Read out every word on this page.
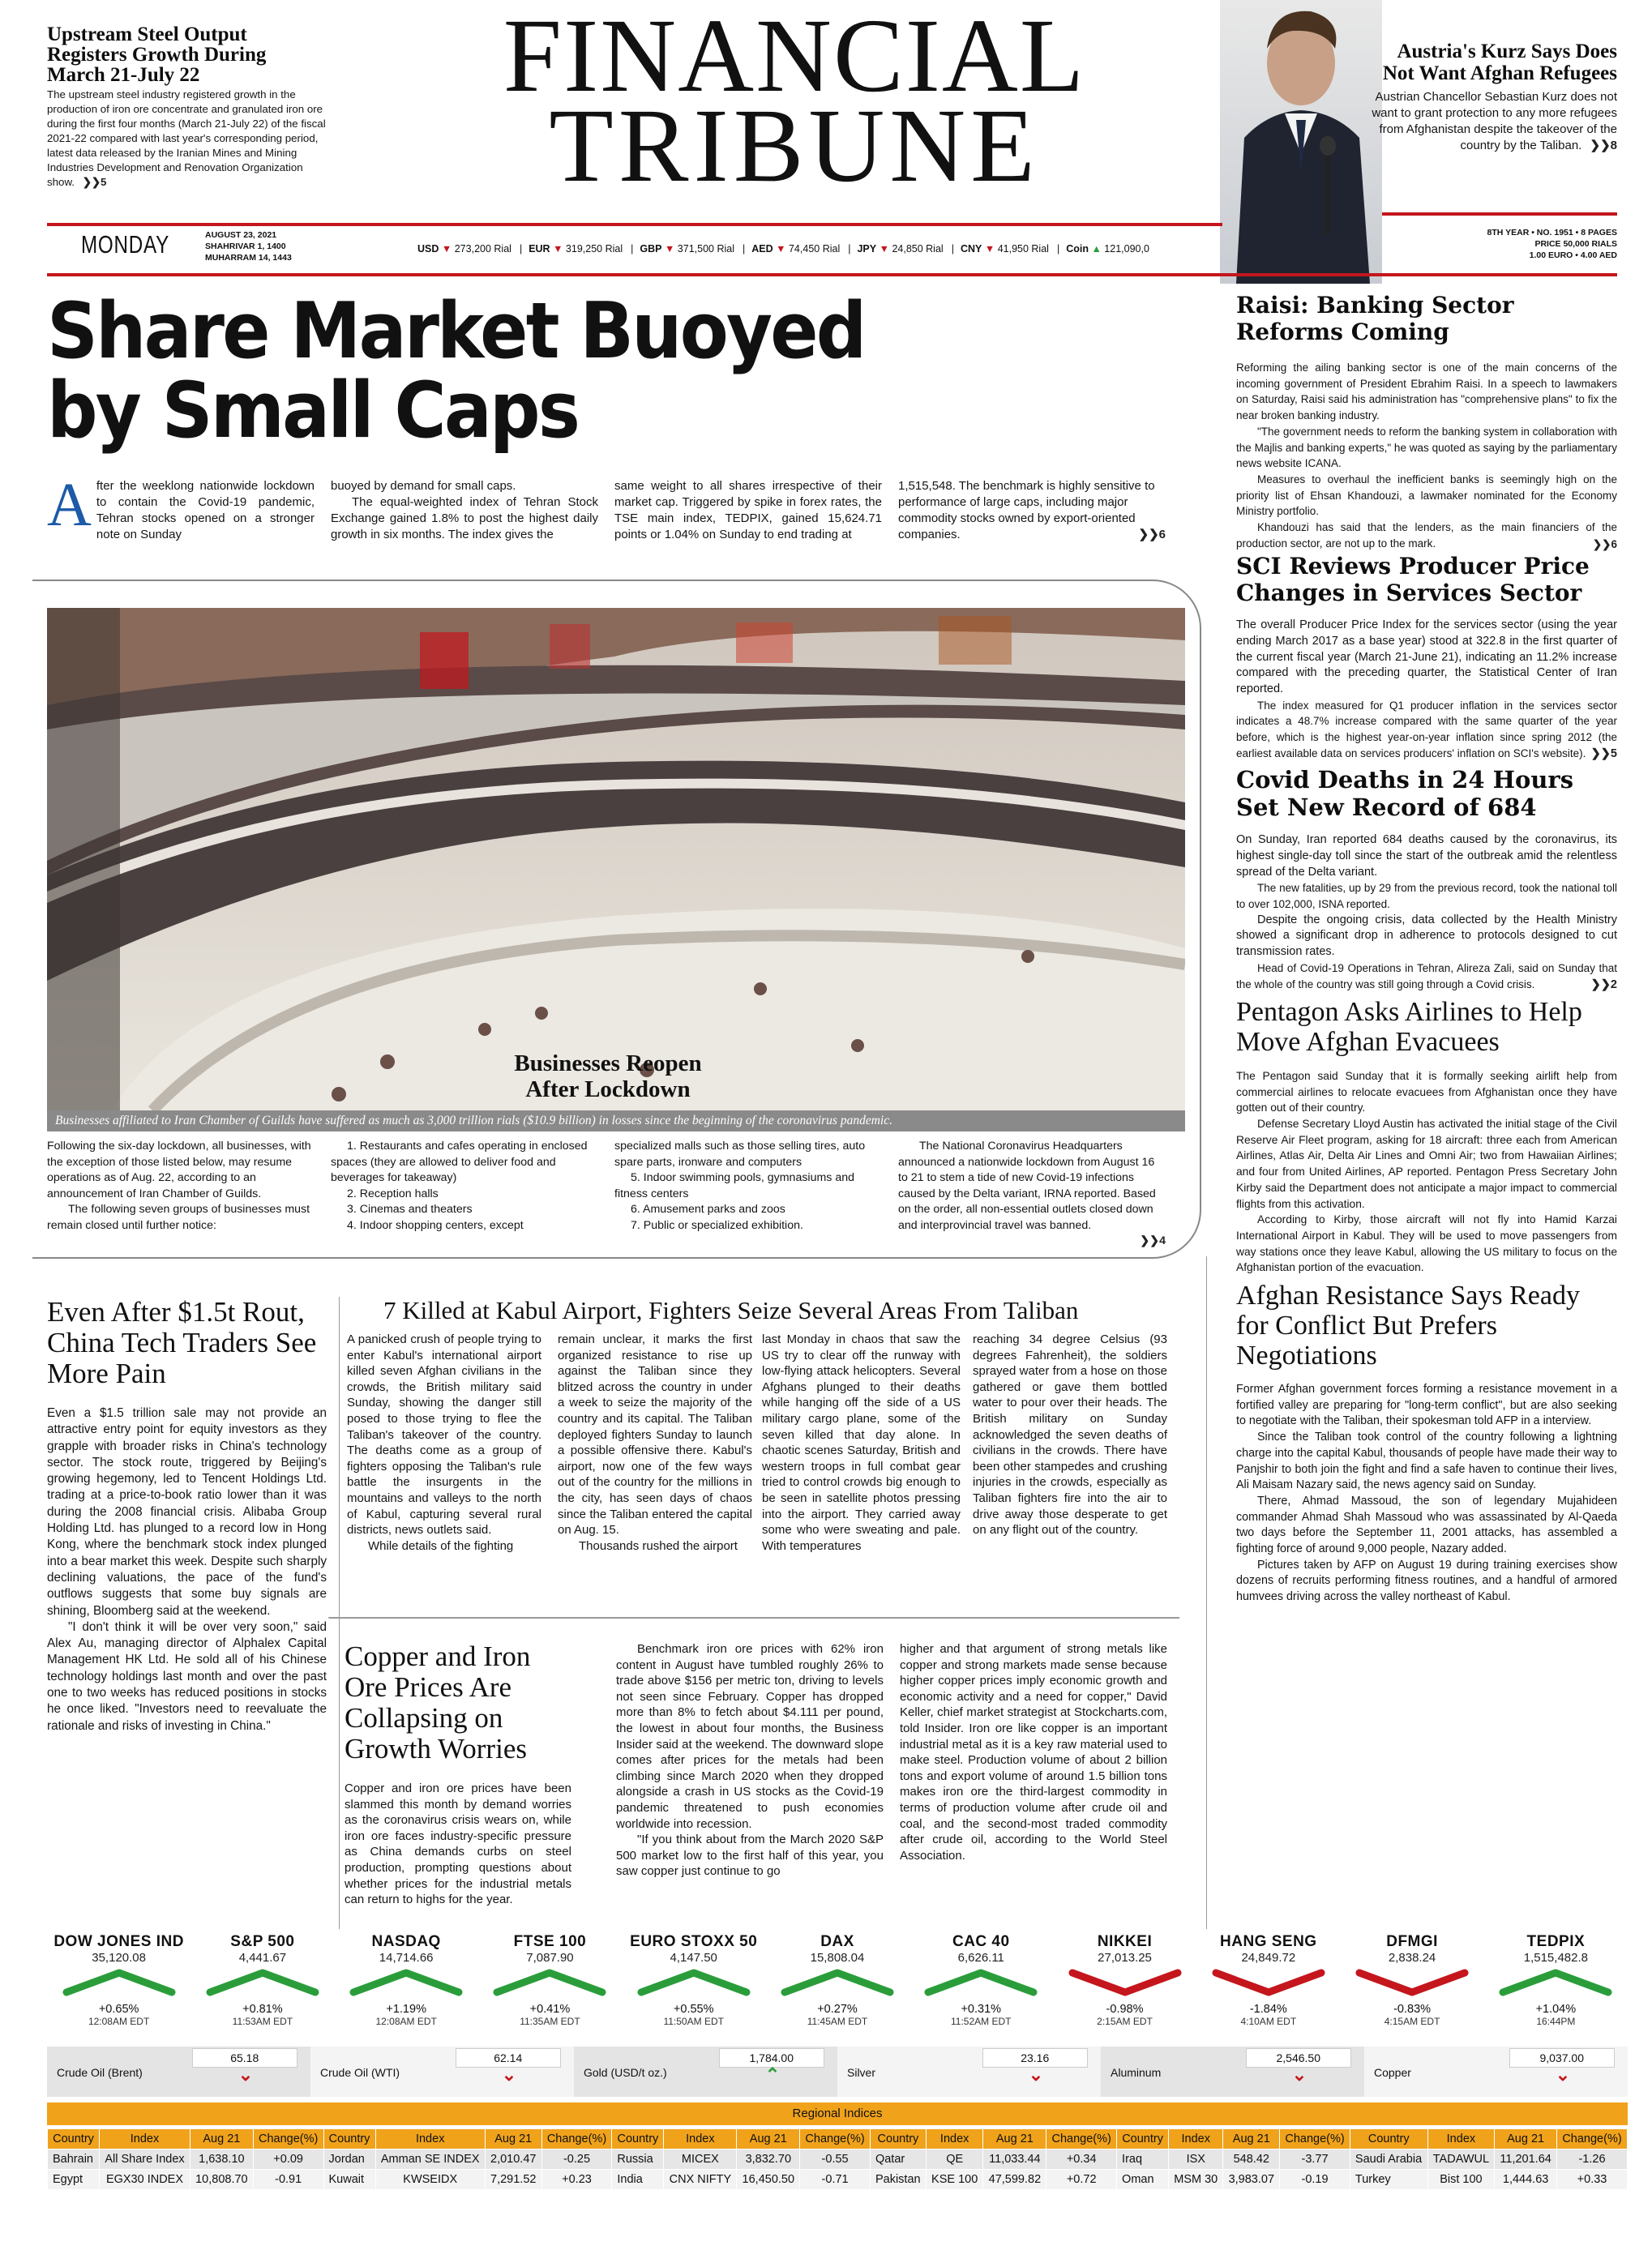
Upstream Steel Output Registers Growth During March 21-July 22
The upstream steel industry registered growth in the production of iron ore concentrate and granulated iron ore during the first four months (March 21-July 22) of the fiscal 2021-22 compared with last year's corresponding period, latest data released by the Iranian Mines and Mining Industries Development and Renovation Organization show. ❯❯5
FINANCIAL
TRIBUNE
Austria's Kurz Says Does Not Want Afghan Refugees
Austrian Chancellor Sebastian Kurz does not want to grant protection to any more refugees from Afghanistan despite the takeover of the country by the Taliban. ❯❯8
MONDAY	AUGUST 23, 2021
SHAHRIVAR 1, 1400
MUHARRAM 14, 1443
USD ▼ 273,200 Rial | EUR ▼ 319,250 Rial | GBP ▼ 371,500 Rial | AED ▼ 74,450 Rial | JPY ▼ 24,850 Rial | CNY ▼ 41,950 Rial | Coin ▲ 121,090,0
8TH YEAR • NO. 1951 • 8 PAGES
PRICE 50,000 RIALS
1.00 EURO • 4.00 AED
Share Market Buoyed
by Small Caps
After the weeklong nationwide lockdown to contain the Covid-19 pandemic, Tehran stocks opened on a stronger note on Sunday
buoyed by demand for small caps.

The equal-weighted index of Tehran Stock Exchange gained 1.8% to post the highest daily growth in six months. The index gives the

same weight to all shares irrespective of their market cap. Triggered by spike in forex rates, the TSE main index, TEDPIX, gained 15,624.71 points or 1.04% on Sunday to end trading at
1,515,548. The benchmark is highly sensitive to performance of large caps, including major commodity stocks owned by export-oriented companies.	❯❯6
Businesses Reopen
After Lockdown
Businesses affiliated to Iran Chamber of Guilds have suffered as much as 3,000 trillion rials ($10.9 billion) in losses since the beginning of the coronavirus pandemic.
Following the six-day lockdown, all businesses, with the exception of those listed below, may resume operations as of Aug. 22, according to an announcement of Iran Chamber of Guilds.

The following seven groups of businesses must remain closed until further notice:

1. Restaurants and cafes operating in enclosed spaces (they are allowed to deliver food and beverages for takeaway)
2. Reception halls
3. Cinemas and theaters
4. Indoor shopping centers, except
specialized malls such as those selling tires, auto spare parts, ironware and computers
5. Indoor swimming pools, gymnasiums and fitness centers
6. Amusement parks and zoos
7. Public or specialized exhibition.

The National Coronavirus Headquarters announced a nationwide lockdown from August 16 to 21 to stem a tide of new Covid-19 infections caused by the Delta variant, IRNA reported. Based on the order, all non-essential outlets closed down and interprovincial travel was banned.

❯❯4
Even After $1.5t Rout, China Tech Traders See More Pain

Even a $1.5 trillion sale may not provide an attractive entry point for equity investors as they grapple with broader risks in China's technology sector. The stock route, triggered by Beijing's growing hegemony, led to Tencent Holdings Ltd. trading at a price-to-book ratio lower than it was during the 2008 financial crisis. Alibaba Group Holding Ltd. has plunged to a record low in Hong Kong, where the benchmark stock index plunged into a bear market this week. Despite such sharply declining valuations, the pace of the fund's outflows suggests that some buy signals are shining, Bloomberg said at the weekend.

"I don't think it will be over very soon," said Alex Au, managing director of Alphalex Capital Management HK Ltd. He sold all of his Chinese technology holdings last month and over the past one to two weeks has reduced positions in stocks he once liked. "Investors need to reevaluate the rationale and risks of investing in China."

7 Killed at Kabul Airport, Fighters Seize Several Areas From Taliban
A panicked crush of people trying to enter Kabul's international airport killed seven Afghan civilians in the crowds, the British military said Sunday, showing the danger still posed to those trying to flee the Taliban's takeover of the country. The deaths come as a group of fighters opposing the Taliban's rule battle the insurgents in the mountains and valleys to the north of Kabul, capturing several rural districts, news outlets said.

While details of the fighting

remain unclear, it marks the first organized resistance to rise up against the Taliban since they blitzed across the country in under a week to seize the majority of the country and its capital. The Taliban deployed fighters Sunday to launch a possible offensive there. Kabul's airport, now one of the few ways out of the country for the millions in the city, has seen days of chaos since the Taliban entered the capital on Aug. 15.

Thousands rushed the airport

last Monday in chaos that saw the US try to clear off the runway with low-flying attack helicopters. Several Afghans plunged to their deaths while hanging off the side of a US military cargo plane, some of the seven killed that day alone. In chaotic scenes Saturday, British and western troops in full combat gear tried to control crowds big enough to be seen in satellite photos pressing into the airport. They carried away some who were sweating and pale. With temperatures
reaching 34 degree Celsius (93 degrees Fahrenheit), the soldiers sprayed water from a hose on those gathered or gave them bottled water to pour over their heads. The British military on Sunday acknowledged the seven deaths of civilians in the crowds. There have been other stampedes and crushing injuries in the crowds, especially as Taliban fighters fire into the air to drive away those desperate to get on any flight out of the country.
Copper and Iron Ore Prices Are Collapsing on Growth Worries
Copper and iron ore prices have been slammed this month by demand worries as the coronavirus crisis wears on, while iron ore faces industry-specific pressure as China demands curbs on steel production, prompting questions about whether prices for the industrial metals can return to highs for the year.

Benchmark iron ore prices with 62% iron content in August have tumbled roughly 26% to trade above $156 per metric ton, driving to levels not seen since February. Copper has dropped more than 8% to fetch about $4.111 per pound, the lowest in about four months, the Business Insider said at the weekend. The downward slope comes after prices for the metals had been climbing since March 2020 when they dropped alongside a crash in US stocks as the Covid-19 pandemic threatened to push economies worldwide into recession.

"If you think about from the March 2020 S&P 500 market low to the first half of this year, you saw copper just continue to go

higher and that argument of strong metals like copper and strong markets made sense because higher copper prices imply economic growth and economic activity and a need for copper," David Keller, chief market strategist at Stockcharts.com, told Insider. Iron ore like copper is an important industrial metal as it is a key raw material used to make steel. Production volume of about 2 billion tons and export volume of around 1.5 billion tons makes iron ore the third-largest commodity in terms of production volume after crude oil and coal, and the second-most traded commodity after crude oil, according to the World Steel Association.
Raisi: Banking Sector Reforms Coming

Reforming the ailing banking sector is one of the main concerns of the incoming government of President Ebrahim Raisi. In a speech to lawmakers on Saturday, Raisi said his administration has "comprehensive plans" to fix the near broken banking industry.

"The government needs to reform the banking system in collaboration with the Majlis and banking experts," he was quoted as saying by the parliamentary news website ICANA.

Measures to overhaul the inefficient banks is seemingly high on the priority list of Ehsan Khandouzi, a lawmaker nominated for the Economy Ministry portfolio.

Khandouzi has said that the lenders, as the main financiers of the production sector, are not up to the mark.	❯❯6
SCI Reviews Producer Price Changes in Services Sector

The overall Producer Price Index for the services sector (using the year ending March 2017 as a base year) stood at 322.8 in the first quarter of the current fiscal year (March 21-June 21), indicating an 11.2% increase compared with the preceding quarter, the Statistical Center of Iran reported.

The index measured for Q1 producer inflation in the services sector indicates a 48.7% increase compared with the same quarter of the year before, which is the highest year-on-year inflation since spring 2012 (the earliest available data on services producers' inflation on SCI's website). ❯❯5
Covid Deaths in 24 Hours Set New Record of 684

On Sunday, Iran reported 684 deaths caused by the coronavirus, its highest single-day toll since the start of the outbreak amid the relentless spread of the Delta variant.

The new fatalities, up by 29 from the previous record, took the national toll to over 102,000, ISNA reported.

Despite the ongoing crisis, data collected by the Health Ministry showed a significant drop in adherence to protocols designed to cut transmission rates.

Head of Covid-19 Operations in Tehran, Alireza Zali, said on Sunday that the whole of the country was still going through a Covid crisis.	❯❯2
Pentagon Asks Airlines to Help Move Afghan Evacuees

The Pentagon said Sunday that it is formally seeking airlift help from commercial airlines to relocate evacuees from Afghanistan once they have gotten out of their country.

Defense Secretary Lloyd Austin has activated the initial stage of the Civil Reserve Air Fleet program, asking for 18 aircraft: three each from American Airlines, Atlas Air, Delta Air Lines and Omni Air; two from Hawaiian Airlines; and four from United Airlines, AP reported. Pentagon Press Secretary John Kirby said the Department does not anticipate a major impact to commercial flights from this activation.

According to Kirby, those aircraft will not fly into Hamid Karzai International Airport in Kabul. They will be used to move passengers from way stations once they leave Kabul, allowing the US military to focus on the Afghanistan portion of the evacuation.

Afghan Resistance Says Ready for Conflict But Prefers Negotiations

Former Afghan government forces forming a resistance movement in a fortified valley are preparing for "long-term conflict", but are also seeking to negotiate with the Taliban, their spokesman told AFP in a interview.

Since the Taliban took control of the country following a lightning charge into the capital Kabul, thousands of people have made their way to Panjshir to both join the fight and find a safe haven to continue their lives, Ali Maisam Nazary said, the news agency said on Sunday.

There, Ahmad Massoud, the son of legendary Mujahideen commander Ahmad Shah Massoud who was assassinated by Al-Qaeda two days before the September 11, 2001 attacks, has assembled a fighting force of around 9,000 people, Nazary added.

Pictures taken by AFP on August 19 during training exercises show dozens of recruits performing fitness routines, and a handful of armored humvees driving across the valley northeast of Kabul.

DOW JONES IND
35,120.08
+0.65%
12:08AM EDT
S&P 500
4,441.67
+0.81%
11:53AM EDT
NASDAQ
14,714.66
+1.19%
12:08AM EDT
FTSE 100
7,087.90
+0.41%
11:35AM EDT
EURO STOXX 50
4,147.50
+0.55%
11:50AM EDT
DAX
15,808.04
+0.27%
11:45AM EDT
CAC 40
6,626.11
+0.31%
11:52AM EDT
NIKKEI
27,013.25
-0.98%
2:15AM EDT
HANG SENG
24,849.72
-1.84%
4:10AM EDT
DFMGI
2,838.24
-0.83%
4:15AM EDT
TEDPIX
1,515,482.8
+1.04%
16:44PM
Crude Oil (Brent)
65.18
⌄	Crude Oil (WTI)
62.14
⌄	Gold (USD/t oz.)
1,784.00
⌃	Silver
23.16
⌄	Aluminum
2,546.50
⌄	Copper
9,037.00
⌄
Regional Indices
Country	Index	Aug 21	Change(%)	Country	Index	Aug 21	Change(%)	Country	Index	Aug 21	Change(%)	Country	Index	Aug 21	Change(%)	Country	Index	Aug 21	Change(%)	Country	Index	Aug 21	Change(%)
Bahrain	All Share Index	1,638.10	+0.09	Jordan	Amman SE INDEX	2,010.47	-0.25	Russia	MICEX	3,832.70	-0.55	Qatar	QE	11,033.44	+0.34	Iraq	ISX	548.42	-3.77	Saudi Arabia	TADAWUL	11,201.64	-1.26
Egypt	EGX30 INDEX	10,808.70	-0.91	Kuwait	KWSEIDX	7,291.52	+0.23	India	CNX NIFTY	16,450.50	-0.71	Pakistan	KSE 100	47,599.82	+0.72	Oman	MSM 30	3,983.07	-0.19	Turkey	Bist 100	1,444.63	+0.33
